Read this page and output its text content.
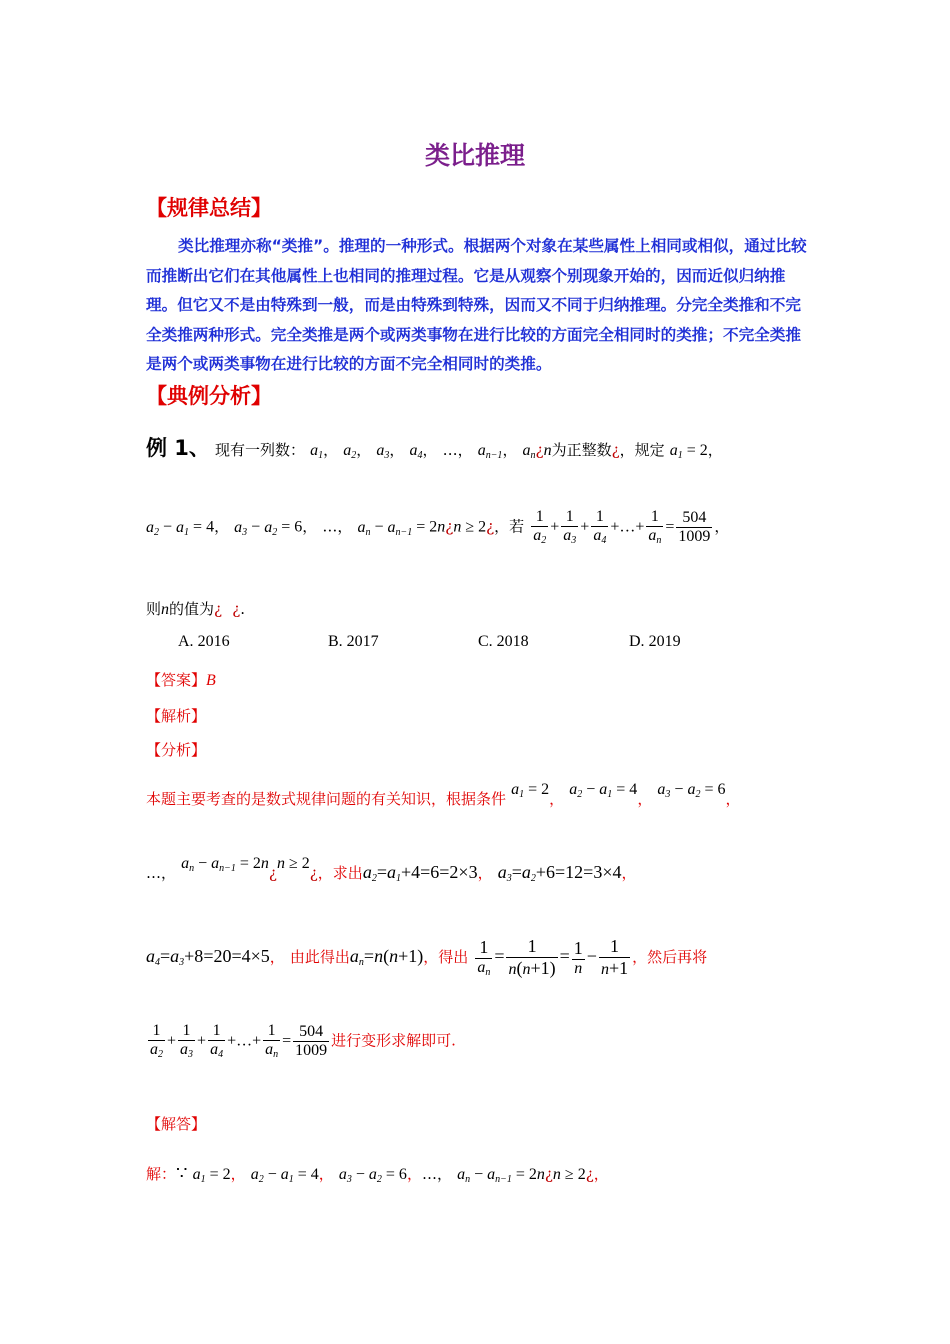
类比推理
【规律总结】

类比推理亦称“类推”。推理的一种形式。根据两个对象在某些属性上相同或相似，通过比较而推断出它们在其他属性上也相同的推理过程。它是从观察个别现象开始的，因而近似归纳推理。但它又不是由特殊到一般，而是由特殊到特殊，因而又不同于归纳推理。分完全类推和不完全类推两种形式。完全类推是两个或两类事物在进行比较的方面完全相同时的类推；不完全类推是两个或两类事物在进行比较的方面不完全相同时的类推。

【典例分析】
例 1、 现有一列数： $a_1$， $a_2$， $a_3$， $a_4$， …， $a_{n-1}$， $a_n¿n$为正整数¿，规定 $a_1 = 2$，
$a_2 - a_1 = 4$， $a_3 - a_2 = 6$， …， $a_n - a_{n-1}$ = 2n¿n ≥ 2¿，若 $\frac{1}{a_2} + \frac{1}{a_3} + \frac{1}{a_4}$ +…+ $\frac{1}{a_n} = \frac{504}{1009}$ ，
则n的值为¿ ¿.
A. 2016	B. 2017	C. 2018	D. 2019
【答案】B
【解析】
【分析】
本题主要考查的是数式规律问题的有关知识，根据条件 $a_1 = 2$， $a_2 - a_1 = 4$， $a_3 - a_2 = 6$，
…， $a_n - a_{n-1}$ = 2n¿n ≥ 2¿，求出$a_2=a_1+4=6=2\times 3$， $a_3=a_2+6=12=3\times 4$，
$a_4=a_3+8=20=4\times 5$， 由此得出$a_n=n(n+1)$，得出 $\frac{1}{a_n} = \frac{1}{n(n+1)} = \frac{1}{n} - \frac{1}{n+1}$ ，然后再将
$\frac{1}{a_2} + \frac{1}{a_3} + \frac{1}{a_4}$ +…+ $\frac{1}{a_n} = \frac{504}{1009}$ 进行变形求解即可.
【解答】
解：∵ $a_1 = 2$， $a_2 - a_1 = 4$， $a_3 - a_2 = 6$，…， $a_n - a_{n-1}$ = 2n¿n ≥ 2¿，
